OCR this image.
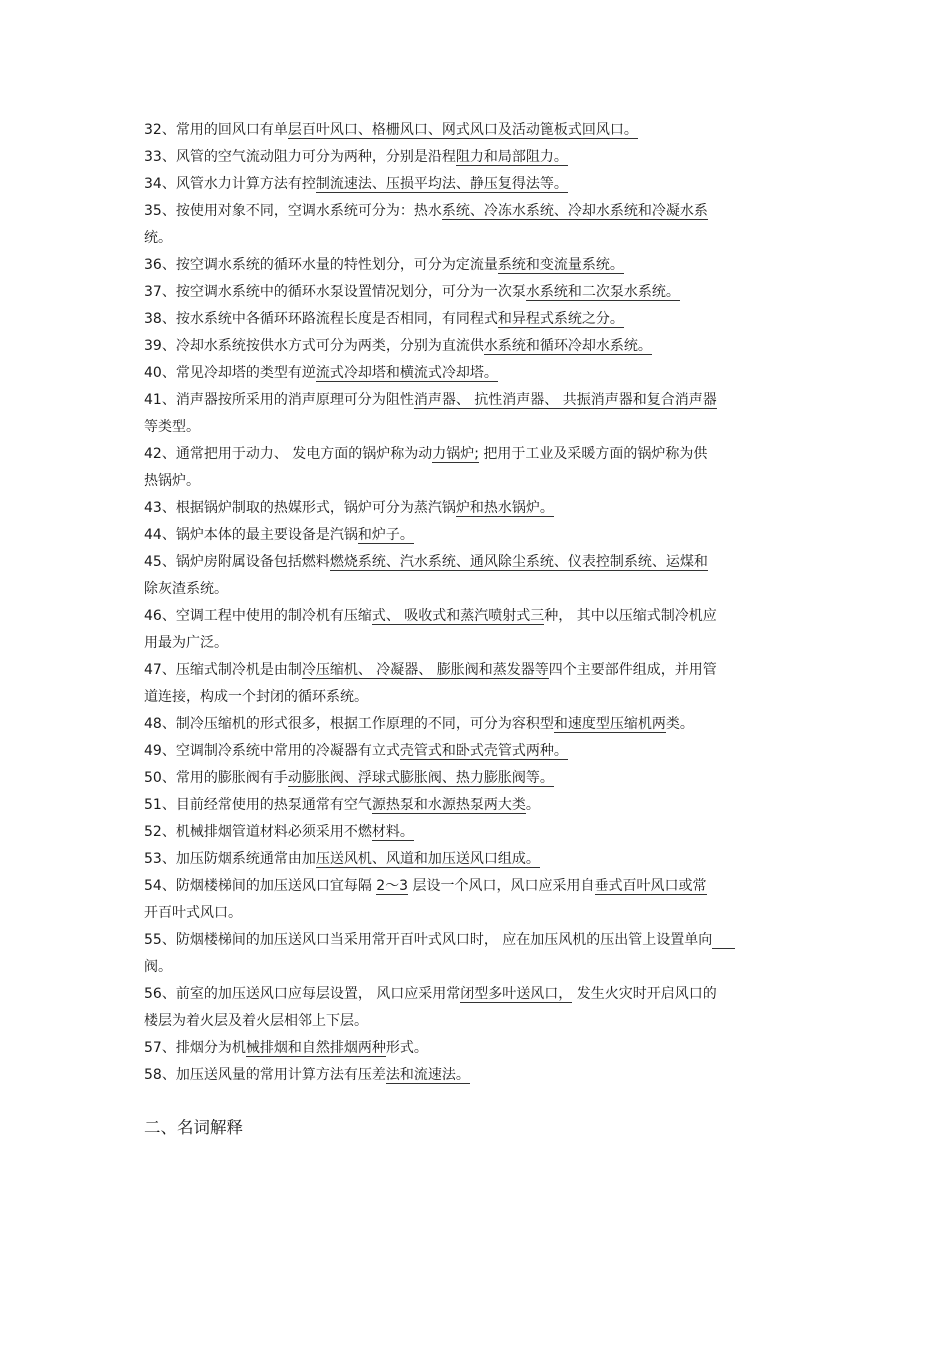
32、常用的回风口有单层百叶风口、格栅风口、网式风口及活动篦板式回风口。

33、风管的空气流动阻力可分为两种，分别是沿程阻力和局部阻力。

34、风管水力计算方法有控制流速法、压损平均法、静压复得法等。

35、按使用对象不同，空调水系统可分为：热水系统、冷冻水系统、冷却水系统和冷凝水系
统。

36、按空调水系统的循环水量的特性划分，可分为定流量系统和变流量系统。

37、按空调水系统中的循环水泵设置情况划分，可分为一次泵水系统和二次泵水系统。

38、按水系统中各循环环路流程长度是否相同，有同程式和异程式系统之分。

39、冷却水系统按供水方式可分为两类，分别为直流供水系统和循环冷却水系统。

40、常见冷却塔的类型有逆流式冷却塔和横流式冷却塔。

41、消声器按所采用的消声原理可分为阻性消声器、 抗性消声器、 共振消声器和复合消声器
等类型。

42、通常把用于动力、 发电方面的锅炉称为动力锅炉; 把用于工业及采暖方面的锅炉称为供
热锅炉。

43、根据锅炉制取的热媒形式，锅炉可分为蒸汽锅炉和热水锅炉。

44、锅炉本体的最主要设备是汽锅和炉子。

45、锅炉房附属设备包括燃料燃烧系统、汽水系统、通风除尘系统、仪表控制系统、运煤和
除灰渣系统。

46、空调工程中使用的制冷机有压缩式、 吸收式和蒸汽喷射式三种， 其中以压缩式制冷机应
用最为广泛。

47、压缩式制冷机是由制冷压缩机、 冷凝器、 膨胀阀和蒸发器等四个主要部件组成，并用管
道连接，构成一个封闭的循环系统。

48、制冷压缩机的形式很多，根据工作原理的不同，可分为容积型和速度型压缩机两类。

49、空调制冷系统中常用的冷凝器有立式壳管式和卧式壳管式两种。

50、常用的膨胀阀有手动膨胀阀、浮球式膨胀阀、热力膨胀阀等。

51、目前经常使用的热泵通常有空气源热泵和水源热泵两大类。

52、机械排烟管道材料必须采用不燃材料。

53、加压防烟系统通常由加压送风机、风道和加压送风口组成。

54、防烟楼梯间的加压送风口宜每隔 2～3 层设一个风口，风口应采用自垂式百叶风口或常
开百叶式风口。

55、防烟楼梯间的加压送风口当采用常开百叶式风口时， 应在加压风机的压出管上设置单向
阀。

56、前室的加压送风口应每层设置， 风口应采用常闭型多叶送风口， 发生火灾时开启风口的
楼层为着火层及着火层相邻上下层。

57、排烟分为机械排烟和自然排烟两种形式。

58、加压送风量的常用计算方法有压差法和流速法。

二、名词解释
